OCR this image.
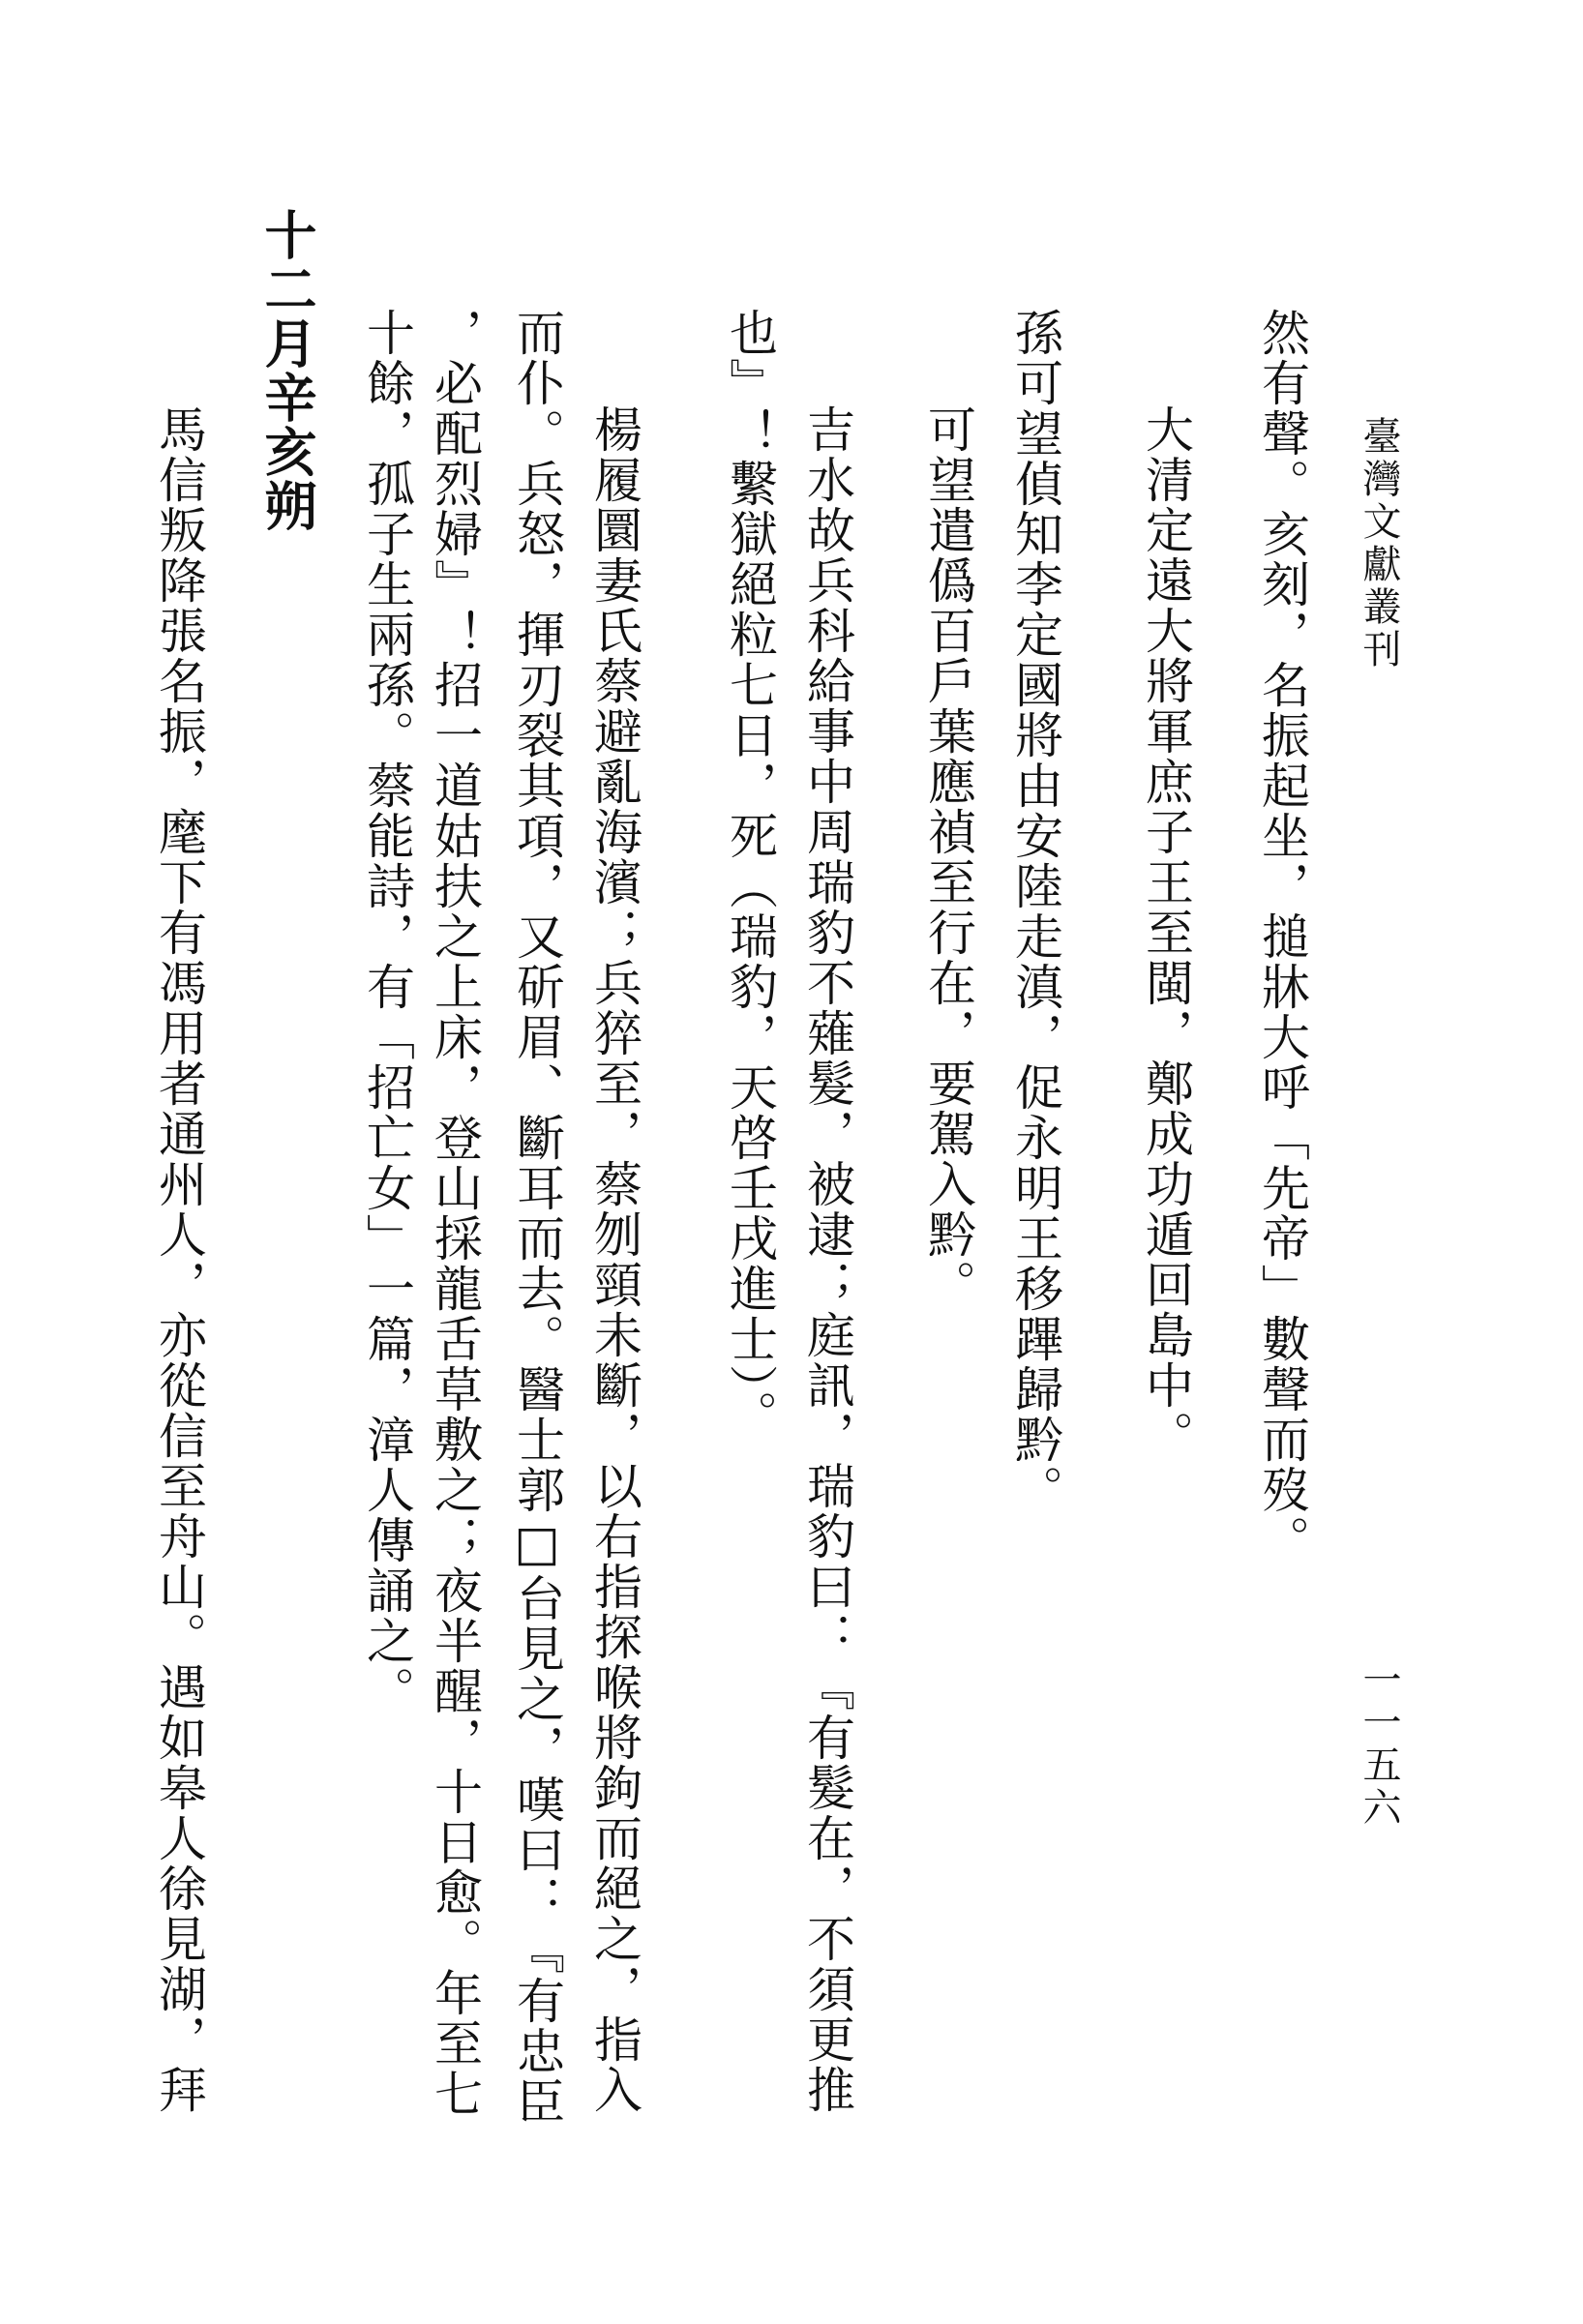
臺灣文獻叢刊
一一五六
然有聲。亥刻，名振起坐，搥牀大呼「先帝」數聲而歿。
大清定遠大將軍庶子王至閩，鄭成功遁回島中。
孫可望偵知李定國將由安陸走滇，促永明王移蹕歸黔。
可望遣僞百戶葉應禎至行在，要駕入黔。
吉水故兵科給事中周瑞豹不薙髮，被逮；庭訊，瑞豹曰：『有髮在，不須更推
也』！繫獄絕粒七日，死（瑞豹，天啓壬戌進士）。
楊履圜妻氏蔡避亂海濱；兵猝至，蔡刎頸未斷，以右指探喉將鉤而絕之，指入
而仆。兵怒，揮刃裂其項，又斫眉、斷耳而去。醫士郭□台見之，嘆曰：『有忠臣
，必配烈婦』！招一道姑扶之上床，登山採龍舌草敷之；夜半醒，十日愈。年至七
十餘，孤子生兩孫。蔡能詩，有「招亡女」一篇，漳人傳誦之。
十二月辛亥朔
馬信叛降張名振，麾下有馮用者通州人，亦從信至舟山。遇如皋人徐見湖，拜
